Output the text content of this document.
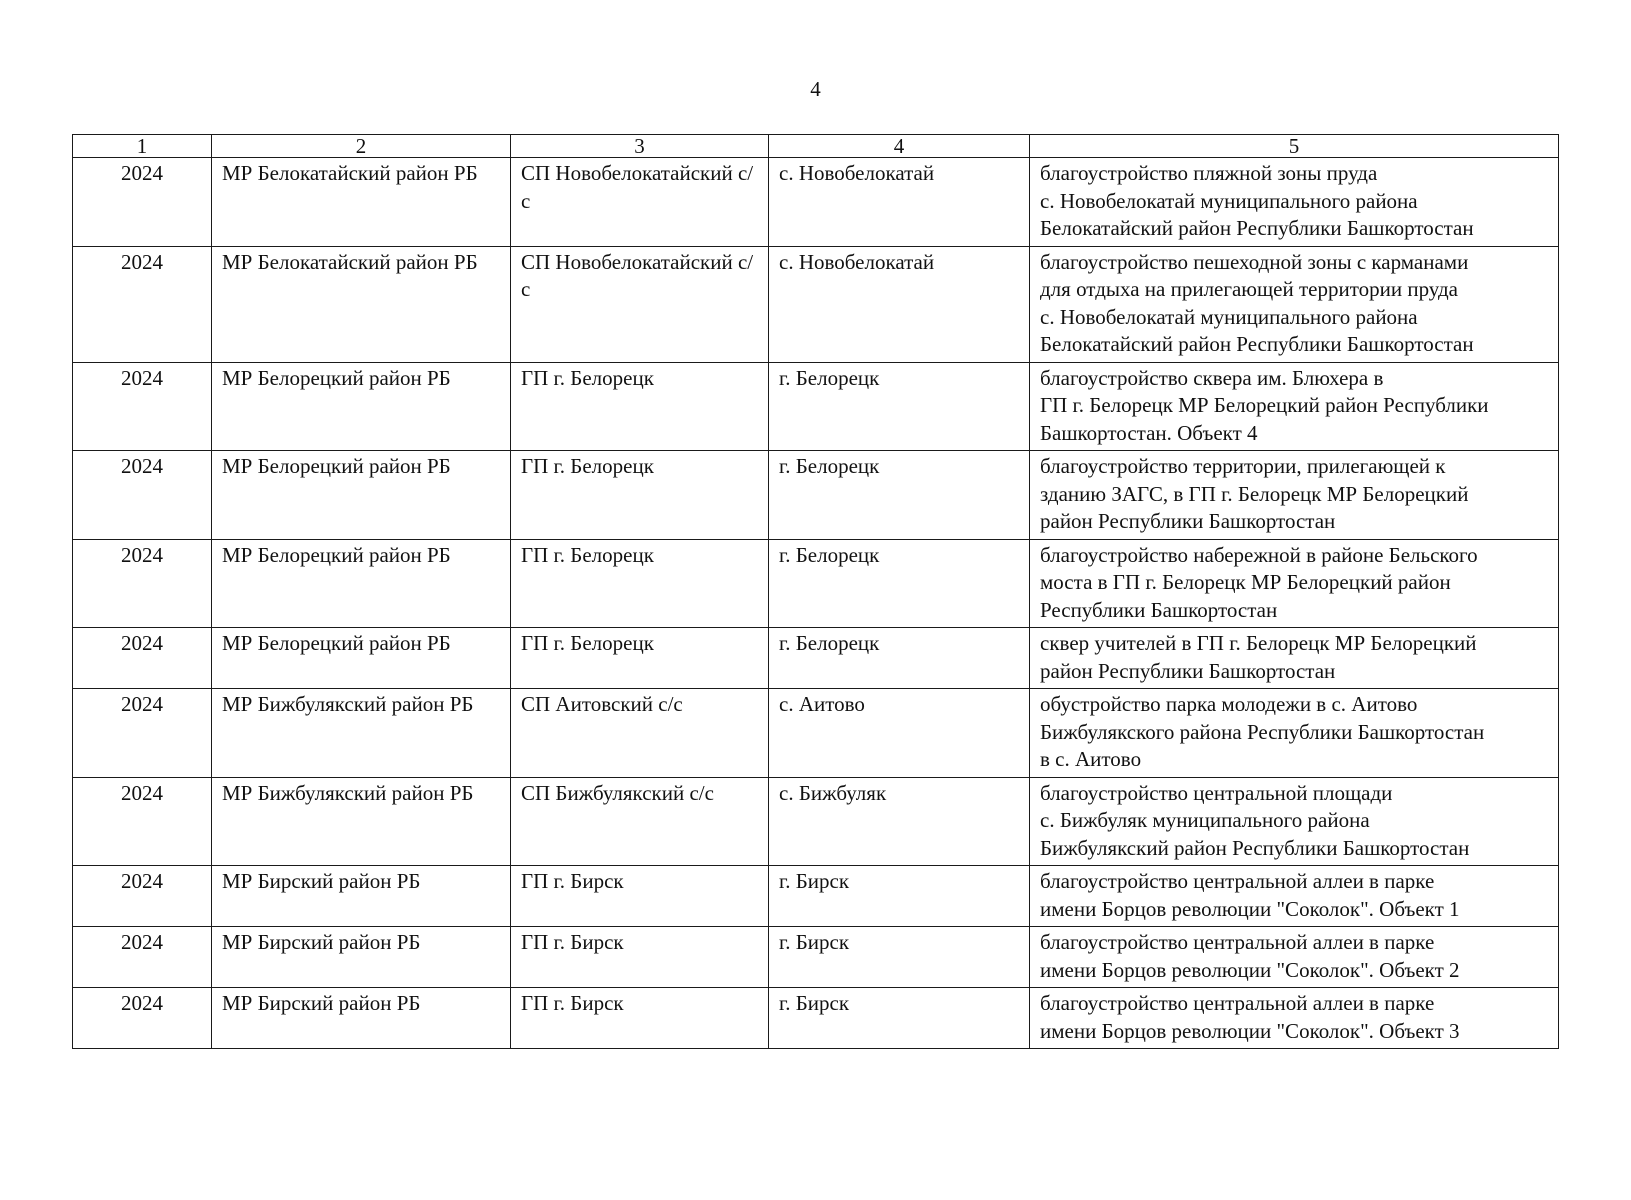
4
1	2	3	4	5
2024	МР Белокатайский район РБ	СП Новобелокатайский с/с	с. Новобелокатай	благоустройство пляжной зоны пруда
с. Новобелокатай муниципального района
Белокатайский район Республики Башкортостан

2024	МР Белокатайский район РБ	СП Новобелокатайский с/с	с. Новобелокатай	благоустройство пешеходной зоны с карманами
для отдыха на прилегающей территории пруда
с. Новобелокатай муниципального района
Белокатайский район Республики Башкортостан

2024	МР Белорецкий район РБ	ГП г. Белорецк	г. Белорецк	благоустройство сквера им. Блюхера в
ГП г. Белорецк МР Белорецкий район Республики
Башкортостан. Объект 4

2024	МР Белорецкий район РБ	ГП г. Белорецк	г. Белорецк	благоустройство территории, прилегающей к
зданию ЗАГС, в ГП г. Белорецк МР Белорецкий
район Республики Башкортостан

2024	МР Белорецкий район РБ	ГП г. Белорецк	г. Белорецк	благоустройство набережной в районе Бельского
моста в ГП г. Белорецк МР Белорецкий район
Республики Башкортостан

2024	МР Белорецкий район РБ	ГП г. Белорецк	г. Белорецк	сквер учителей в ГП г. Белорецк МР Белорецкий
район Республики Башкортостан

2024	МР Бижбулякский район РБ	СП Аитовский с/с	с. Аитово	обустройство парка молодежи в с. Аитово
Бижбулякского района Республики Башкортостан
в с. Аитово

2024	МР Бижбулякский район РБ	СП Бижбулякский с/с	с. Бижбуляк	благоустройство центральной площади
с. Бижбуляк муниципального района
Бижбулякский район Республики Башкортостан

2024	МР Бирский район РБ	ГП г. Бирск	г. Бирск	благоустройство центральной аллеи в парке
имени Борцов революции "Соколок". Объект 1

2024	МР Бирский район РБ	ГП г. Бирск	г. Бирск	благоустройство центральной аллеи в парке
имени Борцов революции "Соколок". Объект 2

2024	МР Бирский район РБ	ГП г. Бирск	г. Бирск	благоустройство центральной аллеи в парке
имени Борцов революции "Соколок". Объект 3
